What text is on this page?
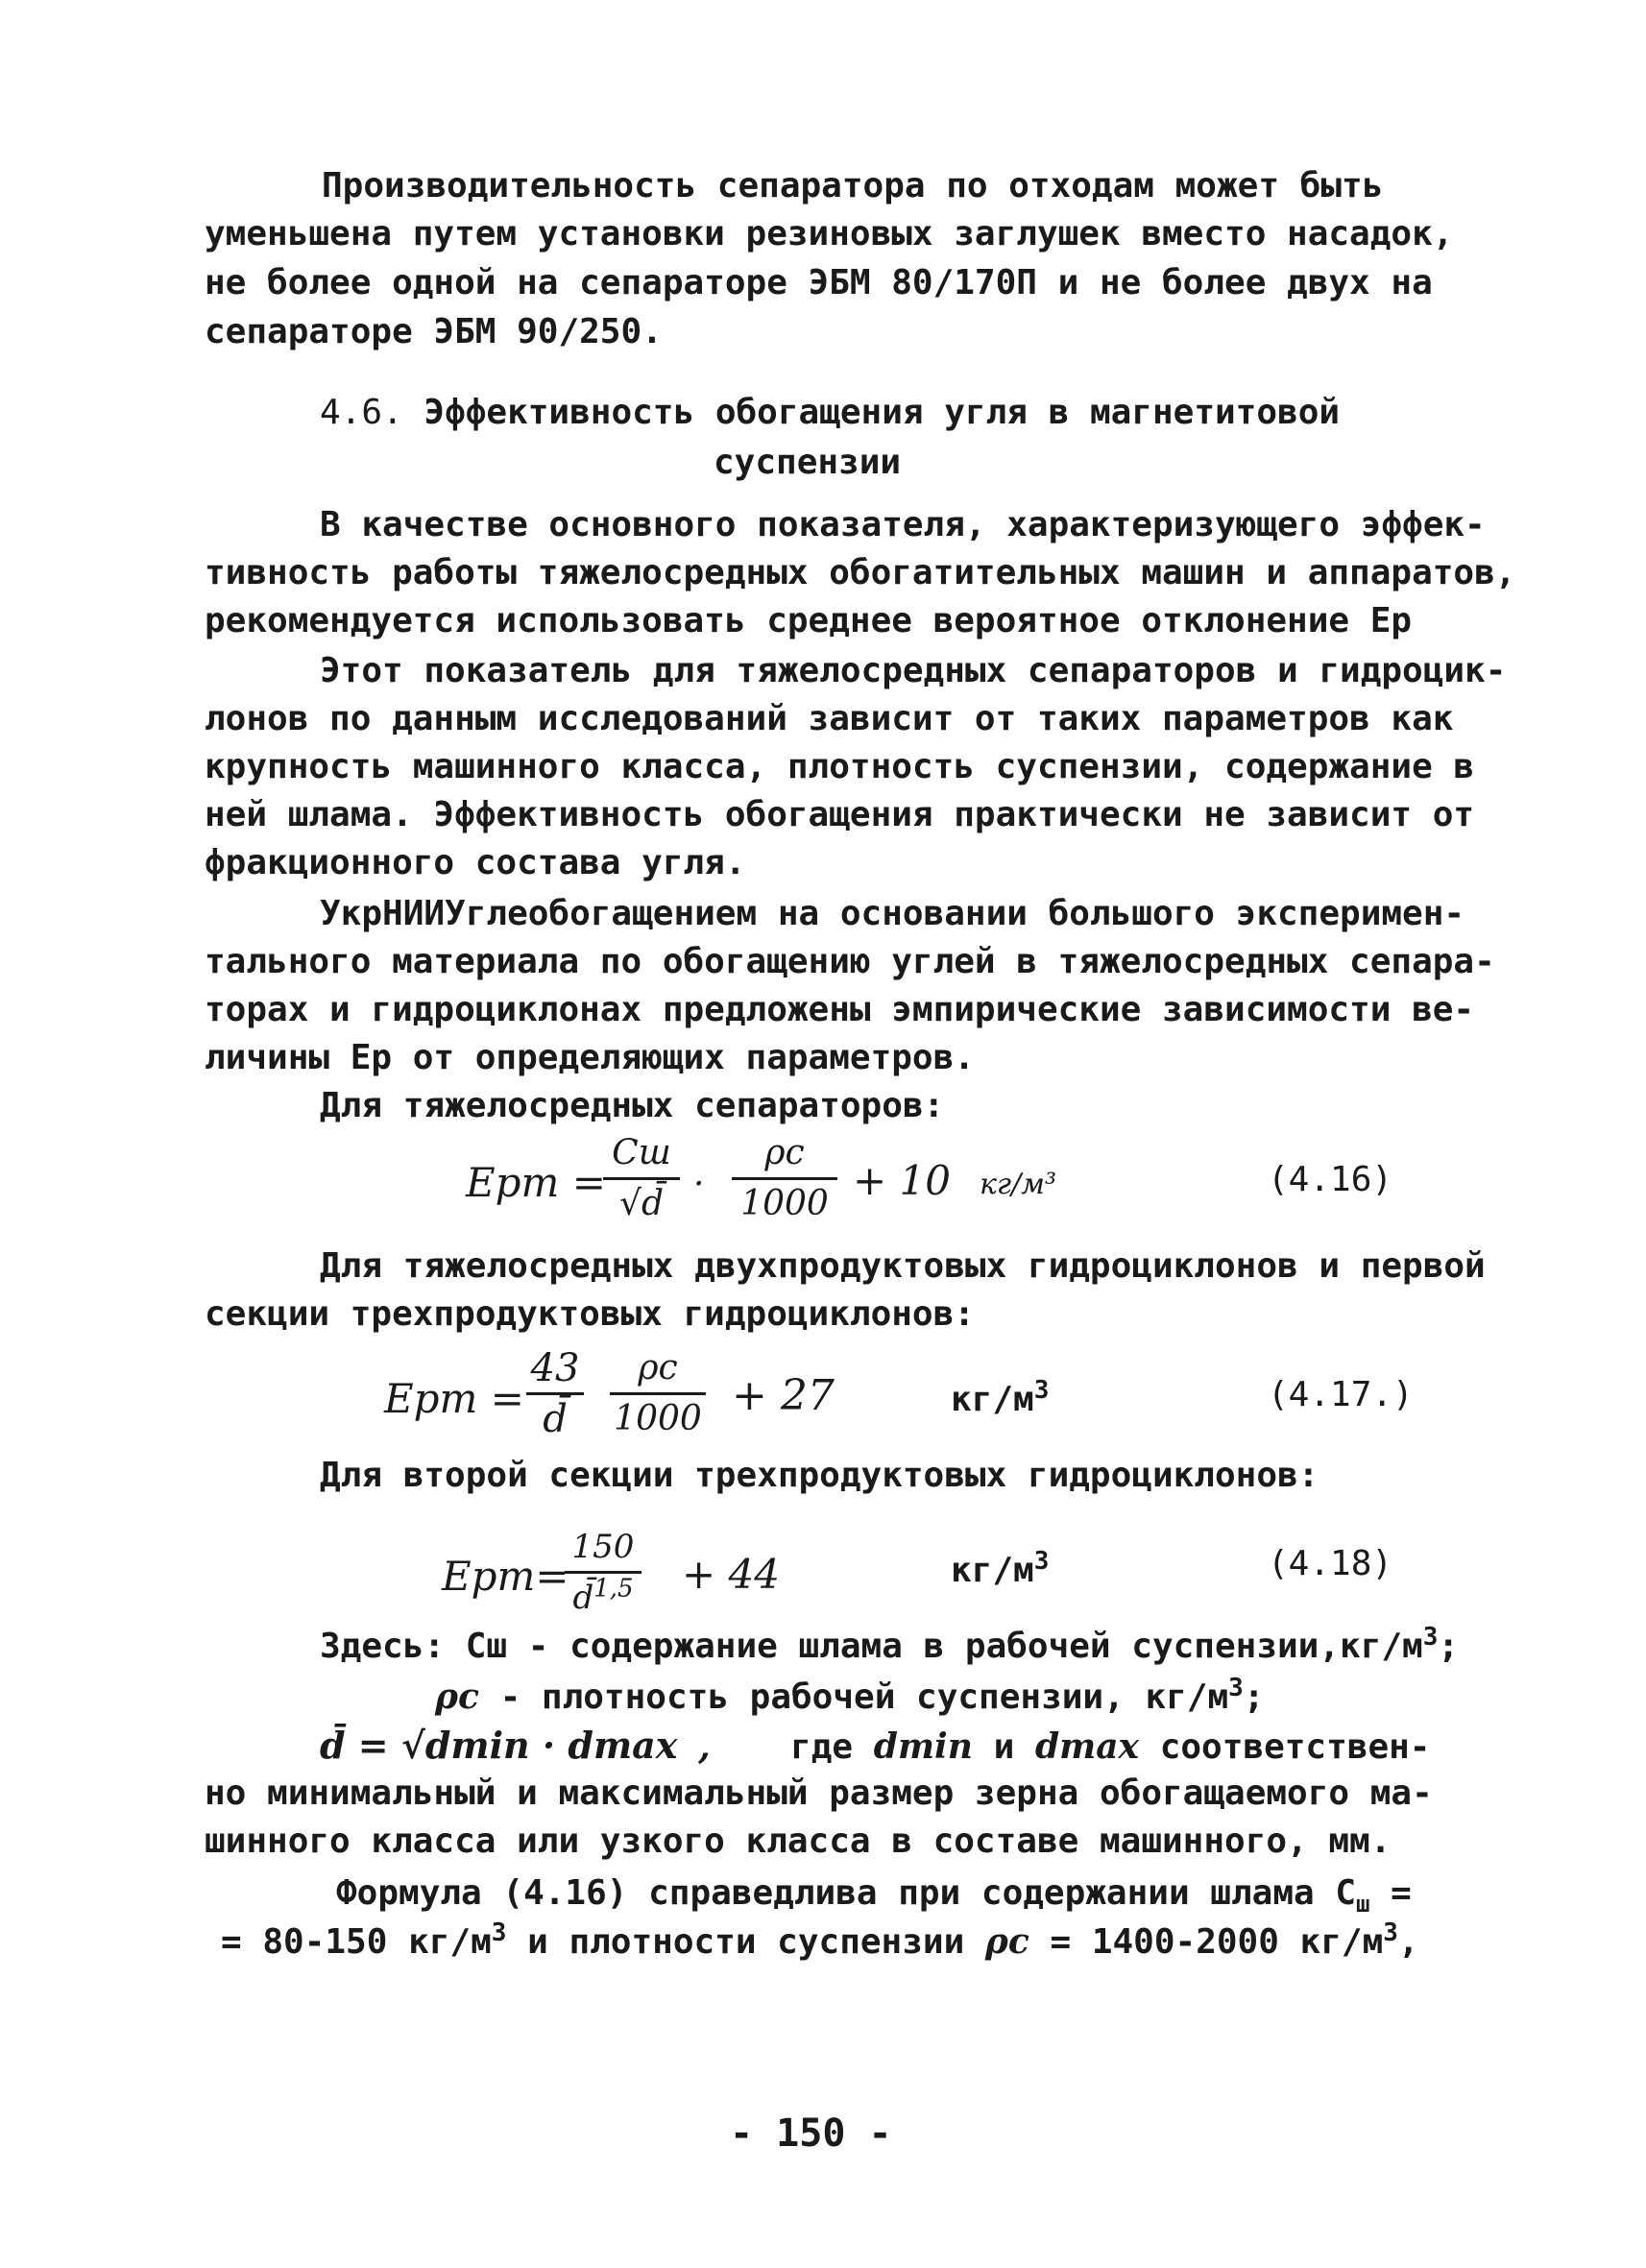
Производительность сепаратора по отходам может быть
уменьшена путем установки резиновых заглушек вместо насадок,
не более одной на сепараторе ЭБМ 80/170П и не более двух на
сепараторе ЭБМ 90/250.
4.6. Эффективность обогащения угля в магнетитовой
суспензии
В качестве основного показателя, характеризующего эффек-
тивность работы тяжелосредных обогатительных машин и аппаратов,
рекомендуется использовать среднее вероятное отклонение Ер
Этот показатель для тяжелосредных сепараторов и гидроцик-
лонов по данным исследований зависит от таких параметров как
крупность машинного класса, плотность суспензии, содержание в
ней шлама. Эффективность обогащения практически не зависит от
фракционного состава угля.
УкрНИИУглеобогащением на основании большого эксперимен-
тального материала по обогащению углей в тяжелосредных сепара-
торах и гидроциклонах предложены эмпирические зависимости ве-
личины Ер от определяющих параметров.
Для тяжелосредных сепараторов:
Ерm =
Сш
√d̄ ·
ρс
1000 + 10 кг/м³	(4.16)
Для тяжелосредных двухпродуктовых гидроциклонов и первой
секции трехпродуктовых гидроциклонов:
Ерm =
43
d̄
ρс
1000 + 27	$кг/м^3$	(4.17.)
Для второй секции трехпродуктовых гидроциклонов:
Ерm=
150
d̄$^{1,5}$ + 44	$кг/м^3$	(4.18)
Здесь: Сш - содержание шлама в рабочей $суспензии,кг/м^3$;
ρс - плотность рабочей суспензии, $кг/м^3$;
d̄ = √dmin · dmax , где dmin и dmax соответствен-
но минимальный и максимальный размер зерна обогащаемого ма-
шинного класса или узкого класса в составе машинного, мм.
Формула (4.16) справедлива при содержании шлама $С_ш$ =
= 80-150 $кг/м^3$ и плотности суспензии ρс = 1400-2000 $кг/м^3$,
- 150 -
